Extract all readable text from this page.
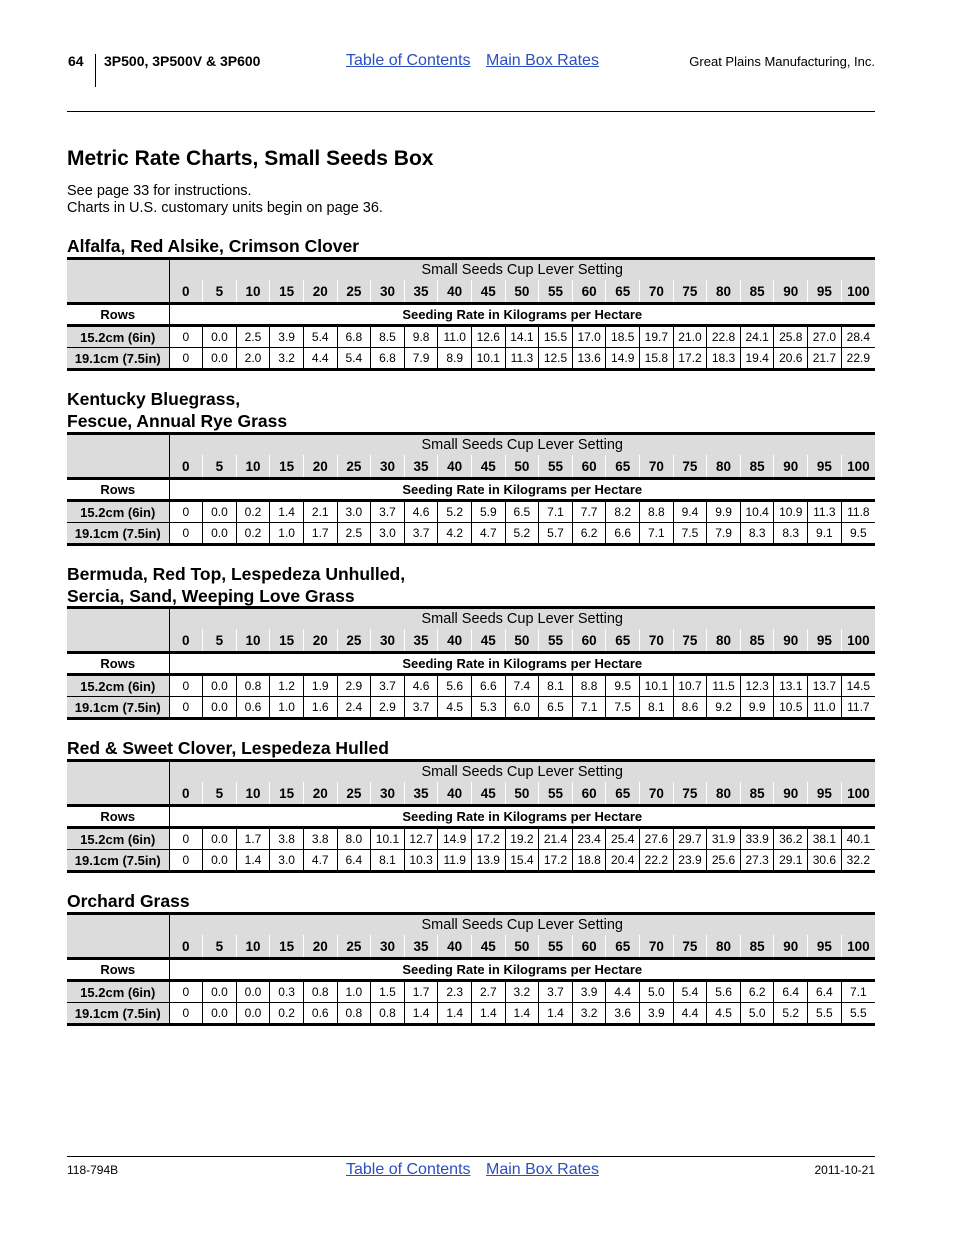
64 3P500, 3P500V & 3P600	Table of Contents Main Box Rates	Great Plains Manufacturing, Inc.
Metric Rate Charts, Small Seeds Box
See page 33 for instructions.
Charts in U.S. customary units begin on page 36.
Alfalfa, Red Alsike, Crimson Clover
Kentucky Bluegrass,
Fescue, Annual Rye Grass
Bermuda, Red Top, Lespedeza Unhulled,
Sercia, Sand, Weeping Love Grass
Red & Sweet Clover, Lespedeza Hulled
Orchard Grass
	Small Seeds Cup Lever Setting																				
	0	5	10	15	20	25	30	35	40	45	50	55	60	65	70	75	80	85	90	95	100
Rows	Seeding Rate in Kilograms per Hectare																				
15.2cm (6in)	0	0.0	2.5	3.9	5.4	6.8	8.5	9.8	11.0	12.6	14.1	15.5	17.0	18.5	19.7	21.0	22.8	24.1	25.8	27.0	28.4
19.1cm (7.5in)	0	0.0	2.0	3.2	4.4	5.4	6.8	7.9	8.9	10.1	11.3	12.5	13.6	14.9	15.8	17.2	18.3	19.4	20.6	21.7	22.9
	Small Seeds Cup Lever Setting																				
	0	5	10	15	20	25	30	35	40	45	50	55	60	65	70	75	80	85	90	95	100
Rows	Seeding Rate in Kilograms per Hectare																				
15.2cm (6in)	0	0.0	0.2	1.4	2.1	3.0	3.7	4.6	5.2	5.9	6.5	7.1	7.7	8.2	8.8	9.4	9.9	10.4	10.9	11.3	11.8
19.1cm (7.5in)	0	0.0	0.2	1.0	1.7	2.5	3.0	3.7	4.2	4.7	5.2	5.7	6.2	6.6	7.1	7.5	7.9	8.3	8.3	9.1	9.5
	Small Seeds Cup Lever Setting																				
	0	5	10	15	20	25	30	35	40	45	50	55	60	65	70	75	80	85	90	95	100
Rows	Seeding Rate in Kilograms per Hectare																				
15.2cm (6in)	0	0.0	0.8	1.2	1.9	2.9	3.7	4.6	5.6	6.6	7.4	8.1	8.8	9.5	10.1	10.7	11.5	12.3	13.1	13.7	14.5
19.1cm (7.5in)	0	0.0	0.6	1.0	1.6	2.4	2.9	3.7	4.5	5.3	6.0	6.5	7.1	7.5	8.1	8.6	9.2	9.9	10.5	11.0	11.7
	Small Seeds Cup Lever Setting																				
	0	5	10	15	20	25	30	35	40	45	50	55	60	65	70	75	80	85	90	95	100
Rows	Seeding Rate in Kilograms per Hectare																				
15.2cm (6in)	0	0.0	1.7	3.8	3.8	8.0	10.1	12.7	14.9	17.2	19.2	21.4	23.4	25.4	27.6	29.7	31.9	33.9	36.2	38.1	40.1
19.1cm (7.5in)	0	0.0	1.4	3.0	4.7	6.4	8.1	10.3	11.9	13.9	15.4	17.2	18.8	20.4	22.2	23.9	25.6	27.3	29.1	30.6	32.2
	Small Seeds Cup Lever Setting																				
	0	5	10	15	20	25	30	35	40	45	50	55	60	65	70	75	80	85	90	95	100
Rows	Seeding Rate in Kilograms per Hectare																				
15.2cm (6in)	0	0.0	0.0	0.3	0.8	1.0	1.5	1.7	2.3	2.7	3.2	3.7	3.9	4.4	5.0	5.4	5.6	6.2	6.4	6.4	7.1
19.1cm (7.5in)	0	0.0	0.0	0.2	0.6	0.8	0.8	1.4	1.4	1.4	1.4	1.4	3.2	3.6	3.9	4.4	4.5	5.0	5.2	5.5	5.5
118-794B	Table of Contents Main Box Rates	2011-10-21
